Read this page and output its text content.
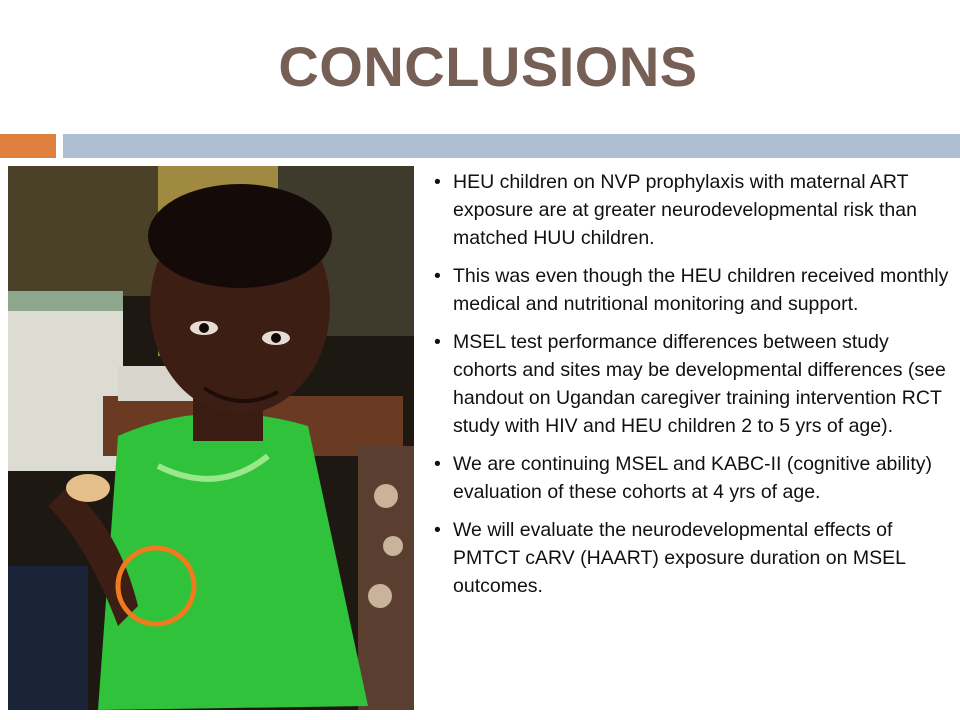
CONCLUSIONS
• HEU children on NVP prophylaxis with maternal ART exposure are at greater neurodevelopmental risk than matched HUU children.
• This was even though the HEU children received monthly medical and nutritional monitoring and support.
• MSEL test performance differences between study cohorts and sites may be developmental differences (see handout on Ugandan caregiver training intervention RCT study with HIV and HEU children 2 to 5 yrs of age).
• We are continuing MSEL and KABC-II (cognitive ability) evaluation of these cohorts at 4 yrs of age.
• We will evaluate the neurodevelopmental effects of PMTCT cARV (HAART) exposure duration on MSEL outcomes.
